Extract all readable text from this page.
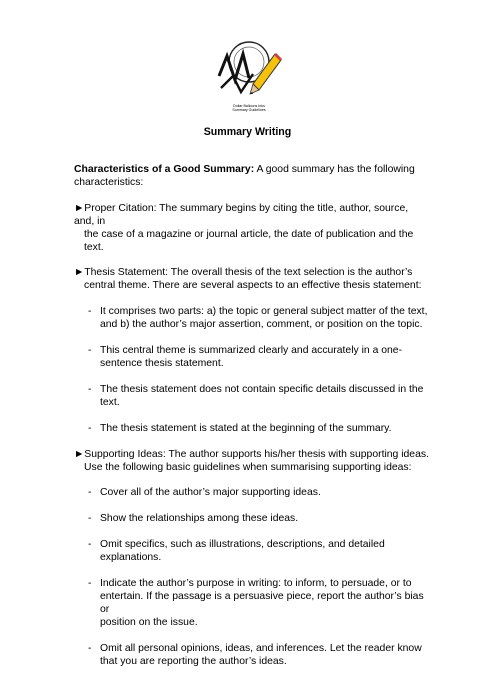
Dollar Balloons Inks
Summary Guidelines
Summary Writing
Characteristics of a Good Summary: A good summary has the following
characteristics:
►Proper Citation: The summary begins by citing the title, author, source, and, in
the case of a magazine or journal article, the date of publication and the text.
►Thesis Statement: The overall thesis of the text selection is the author’s
central theme. There are several aspects to an effective thesis statement:
- It comprises two parts: a) the topic or general subject matter of the text,
and b) the author’s major assertion, comment, or position on the topic.
- This central theme is summarized clearly and accurately in a one-
sentence thesis statement.
- The thesis statement does not contain specific details discussed in the
text.
- The thesis statement is stated at the beginning of the summary.
►Supporting Ideas: The author supports his/her thesis with supporting ideas.
Use the following basic guidelines when summarising supporting ideas:
- Cover all of the author’s major supporting ideas.
- Show the relationships among these ideas.
- Omit specifics, such as illustrations, descriptions, and detailed
explanations.
- Indicate the author’s purpose in writing: to inform, to persuade, or to
entertain. If the passage is a persuasive piece, report the author’s bias or
position on the issue.
- Omit all personal opinions, ideas, and inferences. Let the reader know
that you are reporting the author’s ideas.
